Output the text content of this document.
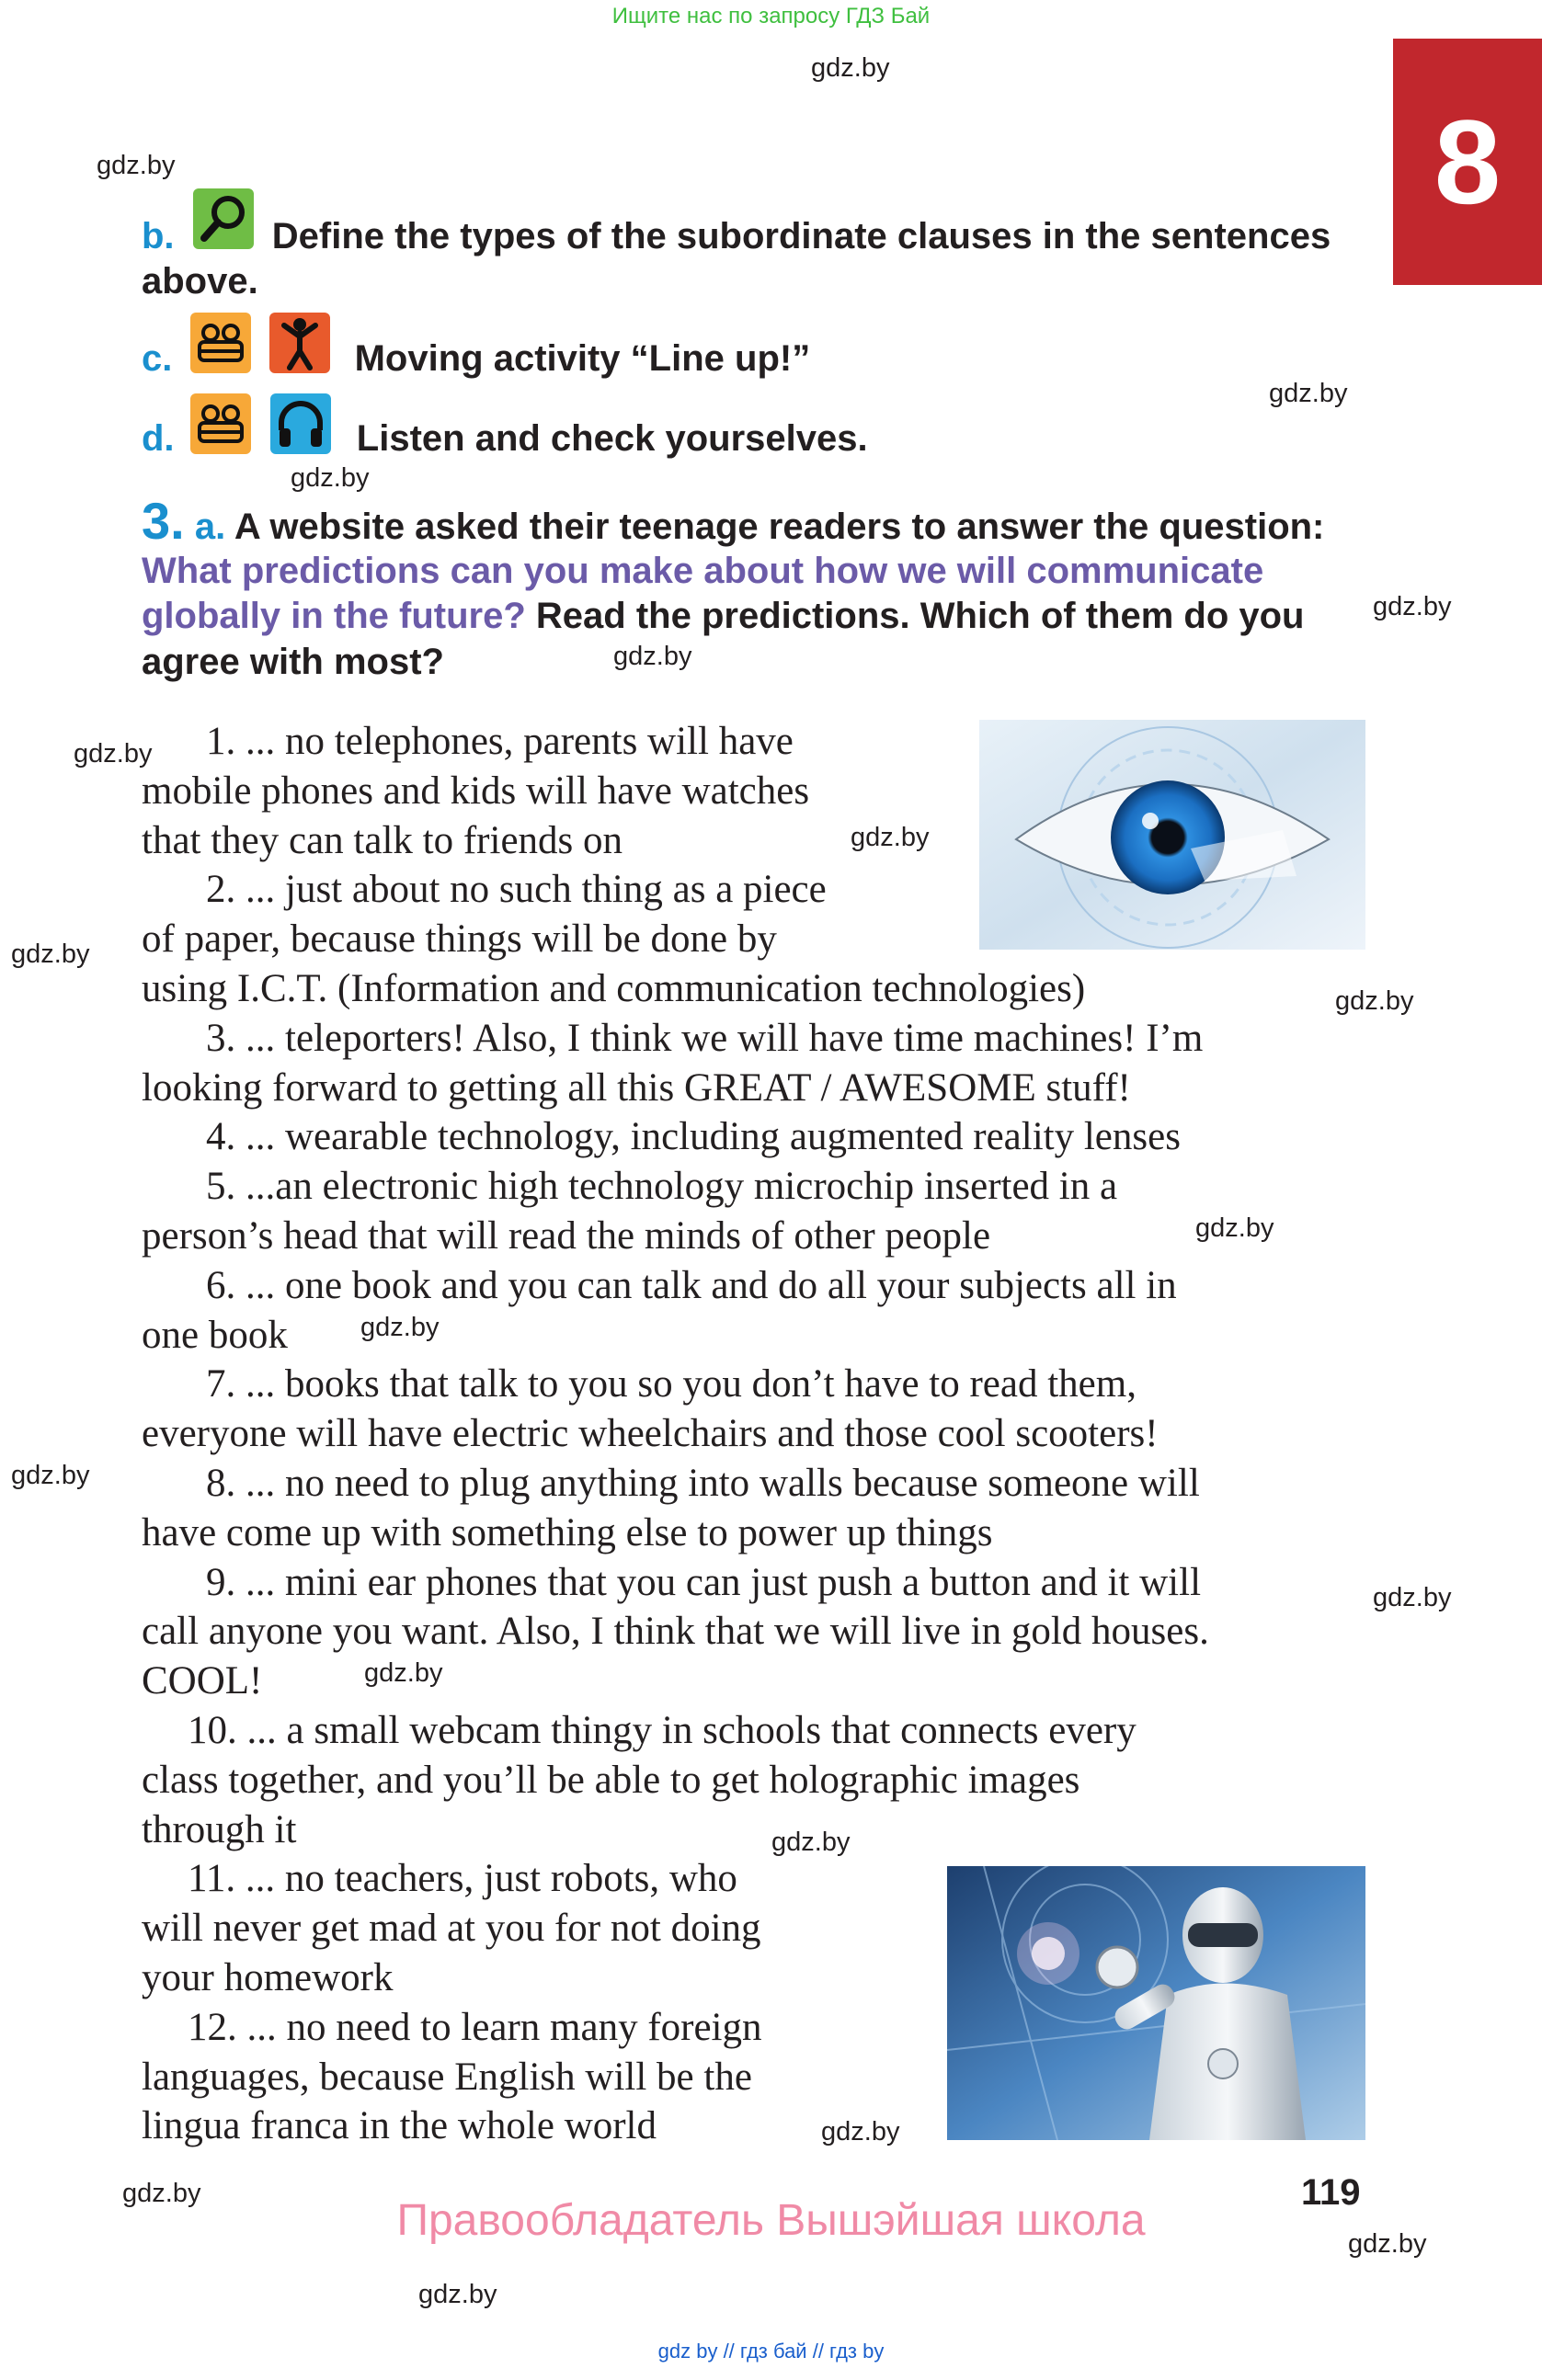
Ищите нас по запросу ГДЗ Бай
8
gdz.by
gdz.by
gdz.by
gdz.by
gdz.by
gdz.by
gdz.by
gdz.by
gdz.by
gdz.by
gdz.by
gdz.by
gdz.by
gdz.by
gdz.by
gdz.by
gdz.by
gdz.by
gdz.by
gdz.by
b.	Define the types of the subordinate clauses in the sentences
above.
c.	Moving activity “Line up!”
d.	Listen and check yourselves.
3. a. A website asked their teenage readers to answer the question:
What predictions can you make about how we will communicate
globally in the future? Read the predictions. Which of them do you
agree with most?
1. ... no telephones, parents will have
mobile phones and kids will have watches
that they can talk to friends on
2. ... just about no such thing as a piece
of paper, because things will be done by
using I.C.T. (Information and communication technologies)
3. ... teleporters! Also, I think we will have time machines! I’m
looking forward to getting all this GREAT / AWESOME stuff!
4. ... wearable technology, including augmented reality lenses
5. ...an electronic high technology microchip inserted in a
person’s head that will read the minds of other people
6. ... one book and you can talk and do all your subjects all in
one book
7. ... books that talk to you so you don’t have to read them,
everyone will have electric wheelchairs and those cool scooters!
8. ... no need to plug anything into walls because someone will
have come up with something else to power up things
9. ... mini ear phones that you can just push a button and it will
call anyone you want. Also, I think that we will live in gold houses.
COOL!
10. ... a small webcam thingy in schools that connects every
class together, and you’ll be able to get holographic images
through it
11. ... no teachers, just robots, who
will never get mad at you for not doing
your homework
12. ... no need to learn many foreign
languages, because English will be the
lingua franca in the whole world
119
Правообладатель Вышэйшая школа
gdz by // гдз бай // гдз by
